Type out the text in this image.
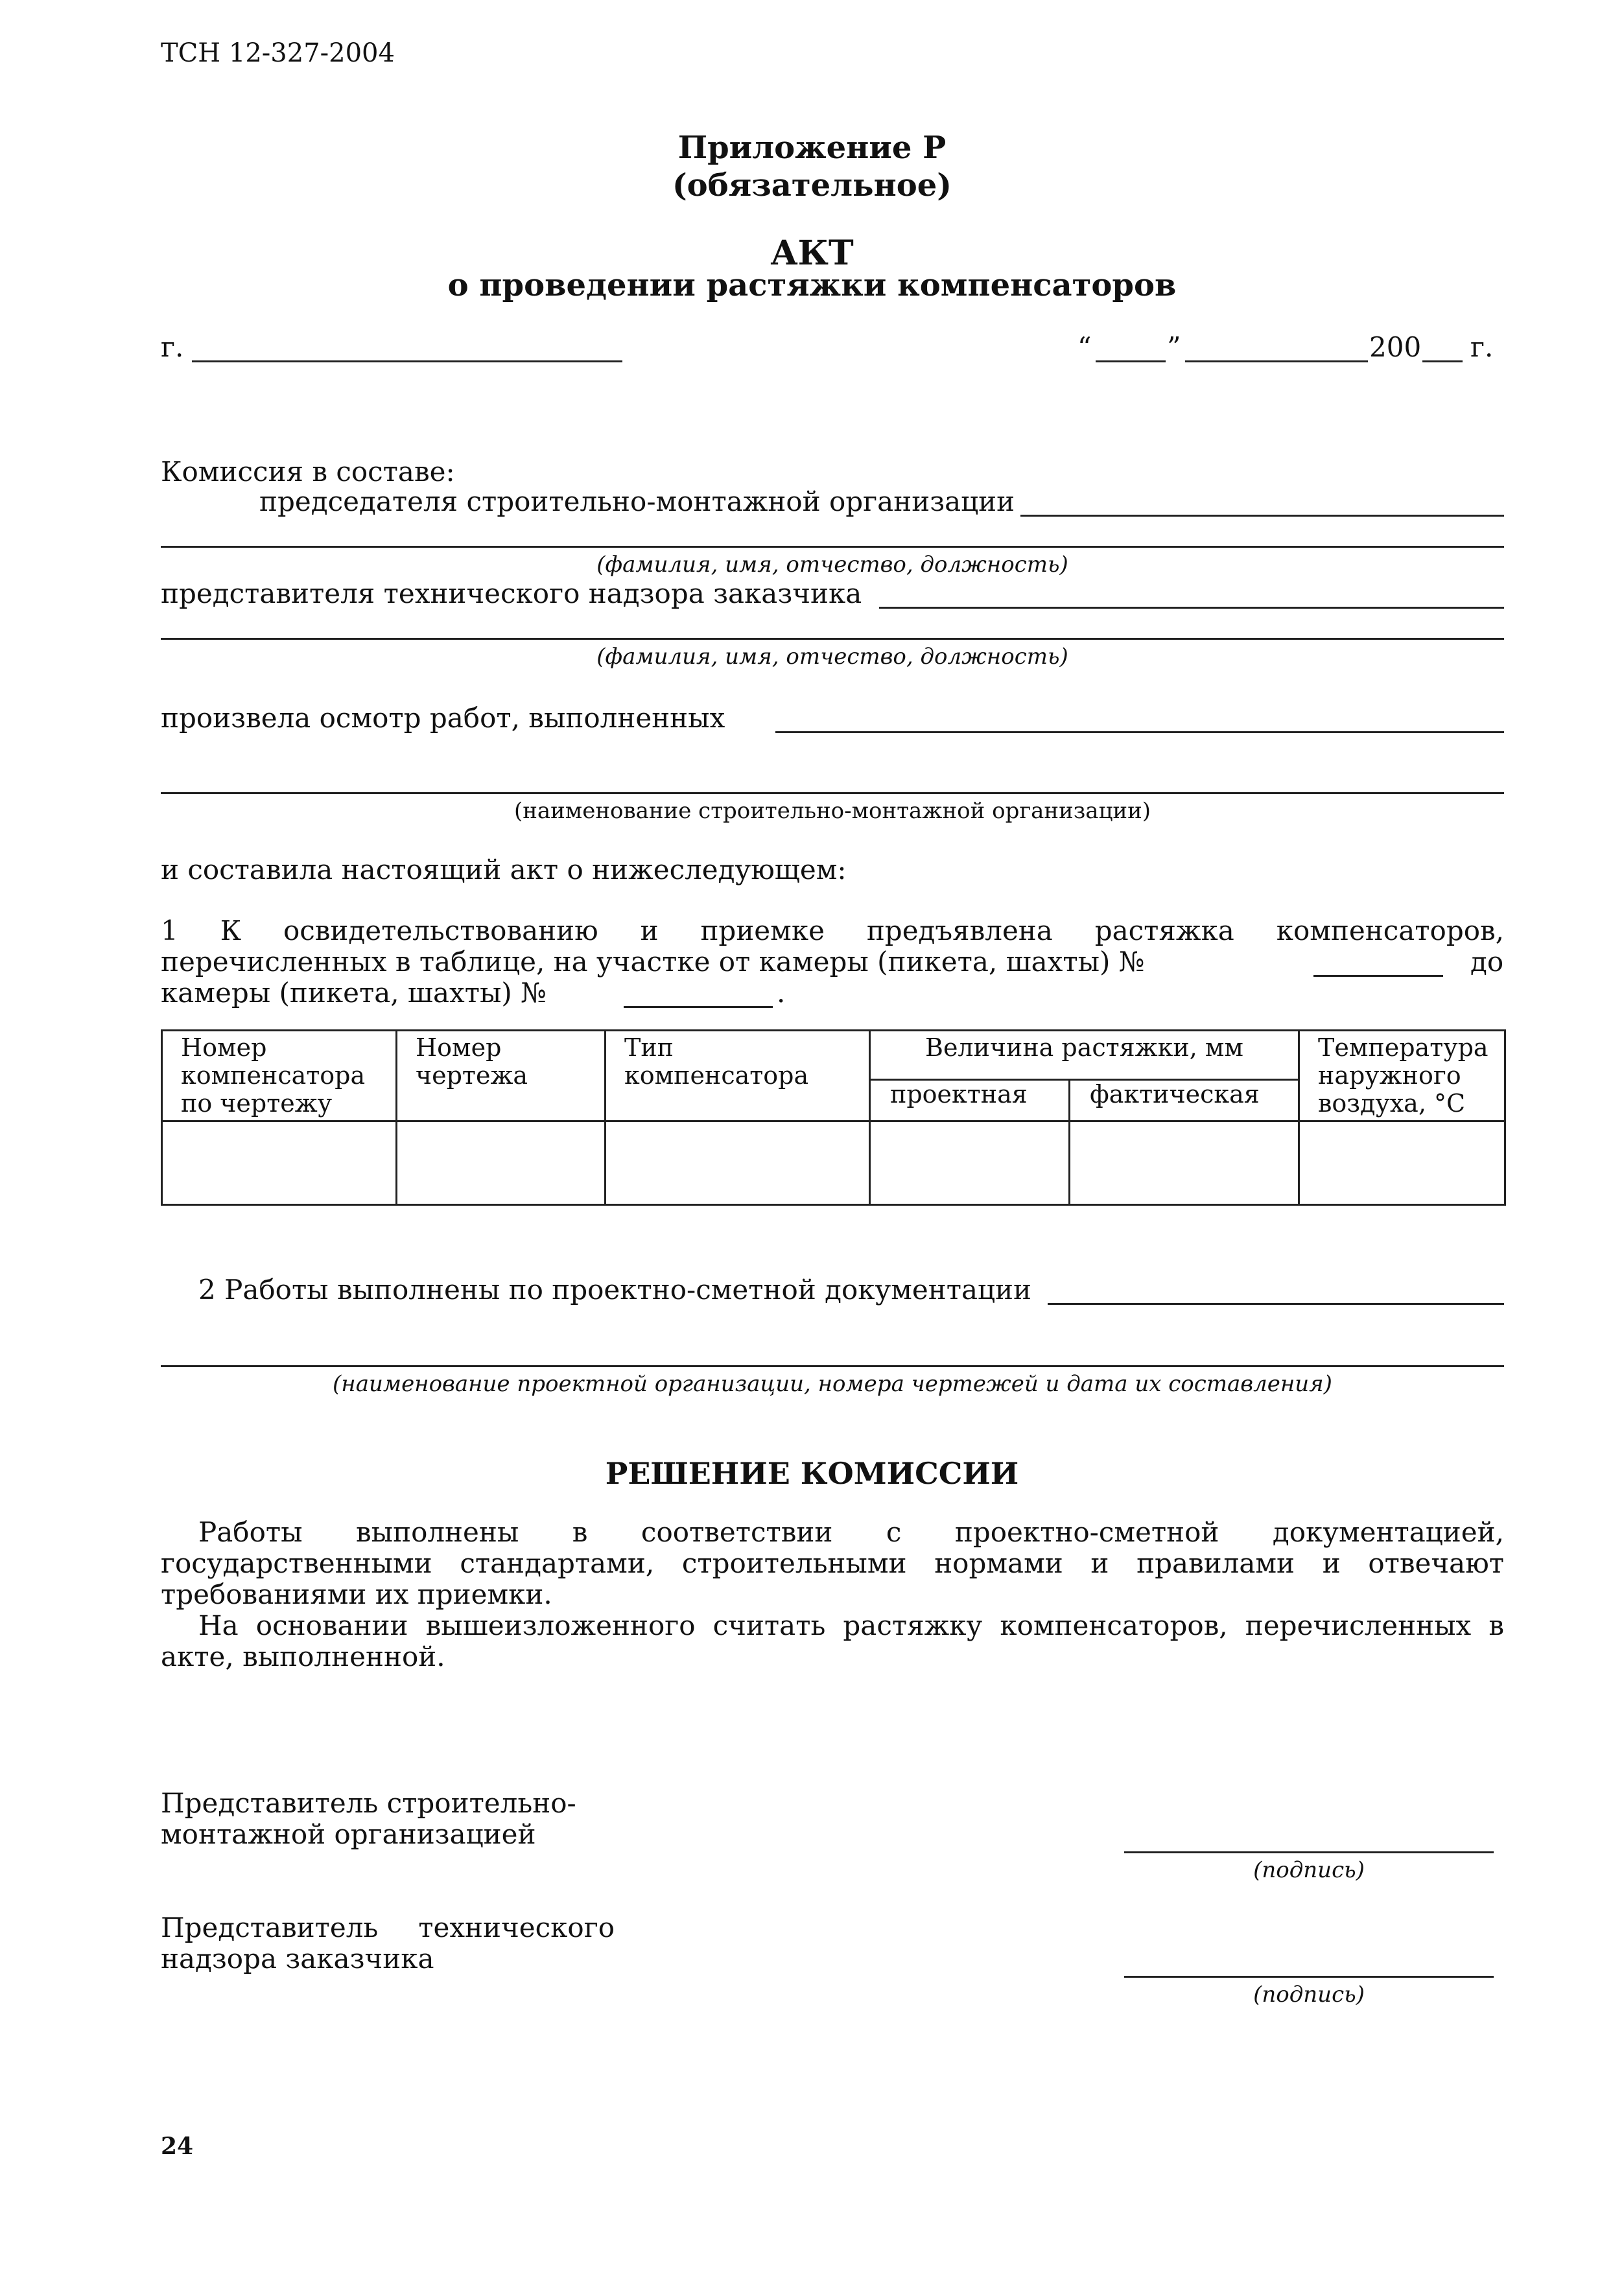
ТСН 12-327-2004
Приложение Р
(обязательное)
АКТ
о проведении растяжки компенсаторов
г.	“	”	200 г.
Комиссия в составе:
председателя строительно-монтажной организации
(фамилия, имя, отчество, должность)
представителя технического надзора заказчика
(фамилия, имя, отчество, должность)
произвела осмотр работ, выполненных
(наименование строительно-монтажной организации)
и составила настоящий акт о нижеследующем:
1 К освидетельствованию и приемке предъявлена растяжка компенсаторов,
перечисленных в таблице, на участке от камеры (пикета, шахты) №	до
камеры (пикета, шахты) №	.
Номер компенсатора по чертежу	Номер чертежа	Тип компенсатора	Величина растяжки, мм		Температура наружного воздуха, °С
			проектная	фактическая	

2 Работы выполнены по проектно-сметной документации
(наименование проектной организации, номера чертежей и дата их составления)
РЕШЕНИЕ КОМИССИИ
Работы выполнены в соответствии с проектно-сметной документацией,
государственными стандартами, строительными нормами и правилами и отвечают
требованиями их приемки.
На основании вышеизложенного считать растяжку компенсаторов, перечисленных в
акте, выполненной.
Представитель строительно-
монтажной организацией
(подпись)
Представитель технического
надзора заказчика
(подпись)
24
